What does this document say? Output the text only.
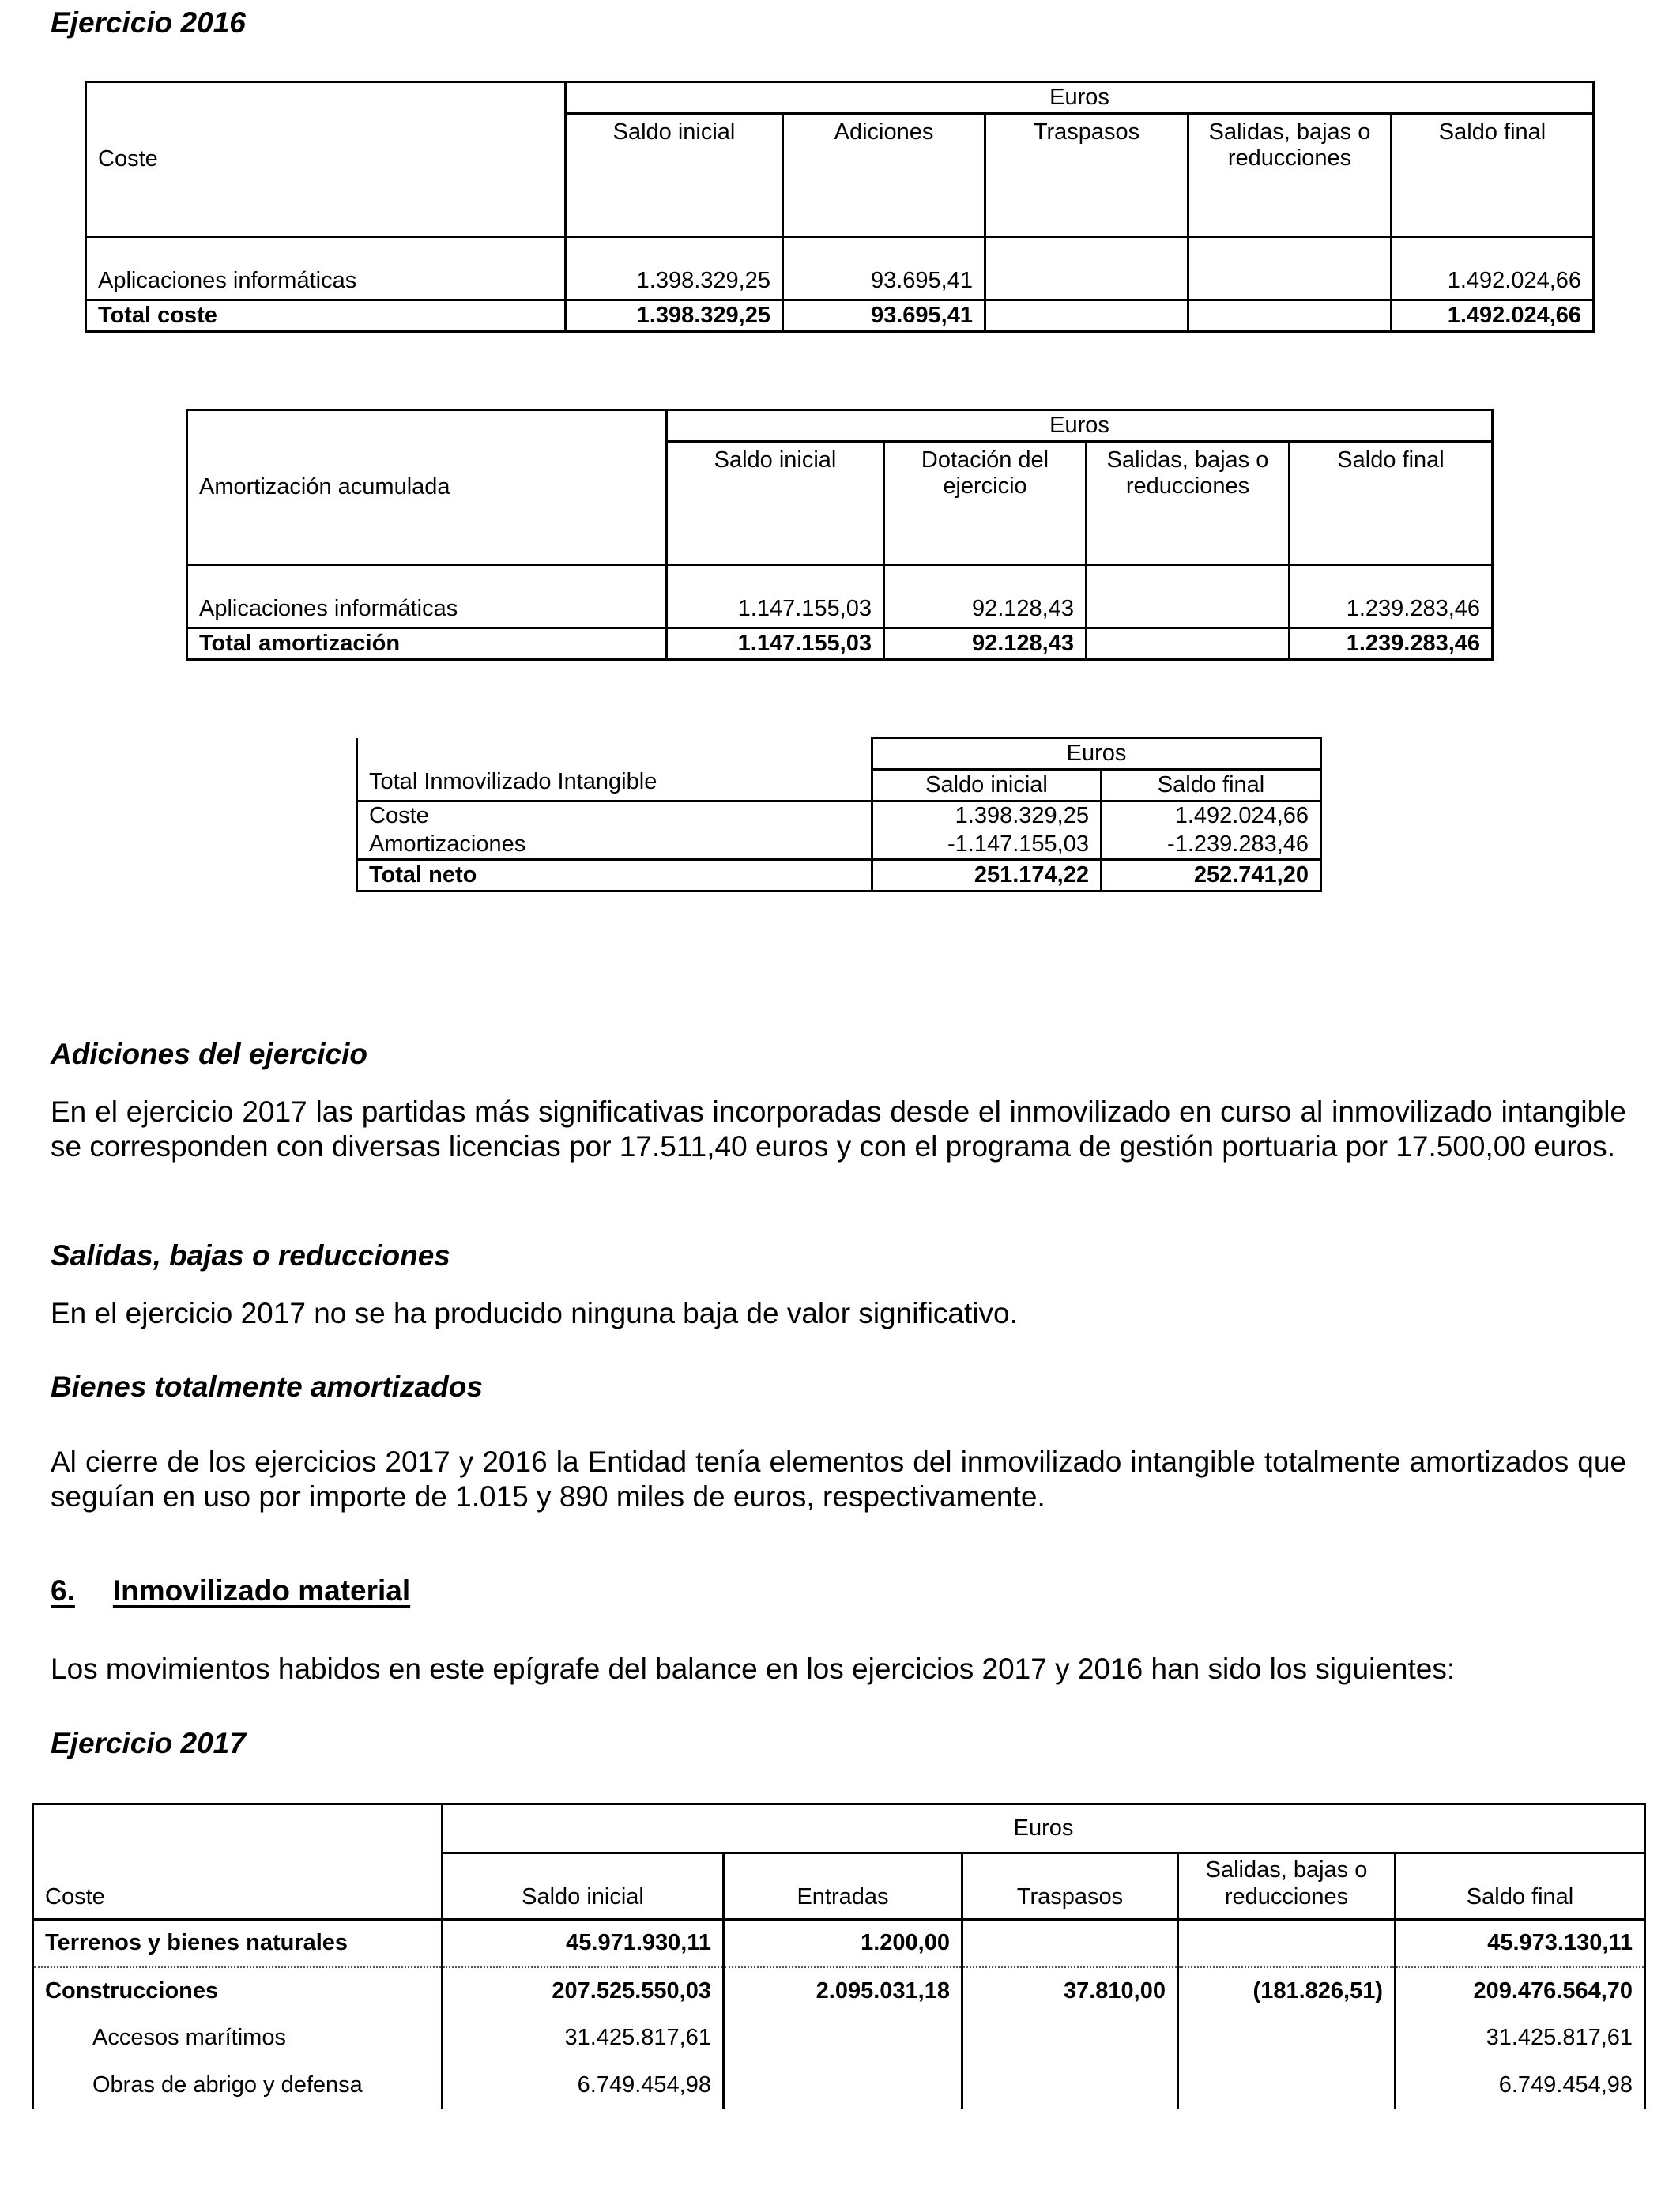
Ejercicio 2016
Coste	Euros				
	Saldo inicial	Adiciones	Traspasos	Salidas, bajas o reducciones	Saldo final
Aplicaciones informáticas	1.398.329,25	93.695,41			1.492.024,66
Total coste	1.398.329,25	93.695,41			1.492.024,66
Amortización acumulada	Euros			
	Saldo inicial	Dotación del ejercicio	Salidas, bajas o reducciones	Saldo final
Aplicaciones informáticas	1.147.155,03	92.128,43		1.239.283,46
Total amortización	1.147.155,03	92.128,43		1.239.283,46
Total Inmovilizado Intangible	Euros	
	Saldo inicial	Saldo final
Coste	1.398.329,25	1.492.024,66
Amortizaciones	-1.147.155,03	-1.239.283,46
Total neto	251.174,22	252.741,20
Adiciones del ejercicio
En el ejercicio 2017 las partidas más significativas incorporadas desde el inmovilizado en curso al inmovilizado intangible se corresponden con diversas licencias por 17.511,40 euros y con el programa de gestión portuaria por 17.500,00 euros.
Salidas, bajas o reducciones
En el ejercicio 2017 no se ha producido ninguna baja de valor significativo.
Bienes totalmente amortizados
Al cierre de los ejercicios 2017 y 2016 la Entidad tenía elementos del inmovilizado intangible totalmente amortizados que seguían en uso por importe de 1.015 y 890 miles de euros, respectivamente.
6. Inmovilizado material
Los movimientos habidos en este epígrafe del balance en los ejercicios 2017 y 2016 han sido los siguientes:
Ejercicio 2017
Coste	Euros				
	Saldo inicial	Entradas	Traspasos	Salidas, bajas o reducciones	Saldo final
Terrenos y bienes naturales	45.971.930,11	1.200,00			45.973.130,11
Construcciones	207.525.550,03	2.095.031,18	37.810,00	(181.826,51)	209.476.564,70
Accesos marítimos	31.425.817,61				31.425.817,61
Obras de abrigo y defensa	6.749.454,98				6.749.454,98
